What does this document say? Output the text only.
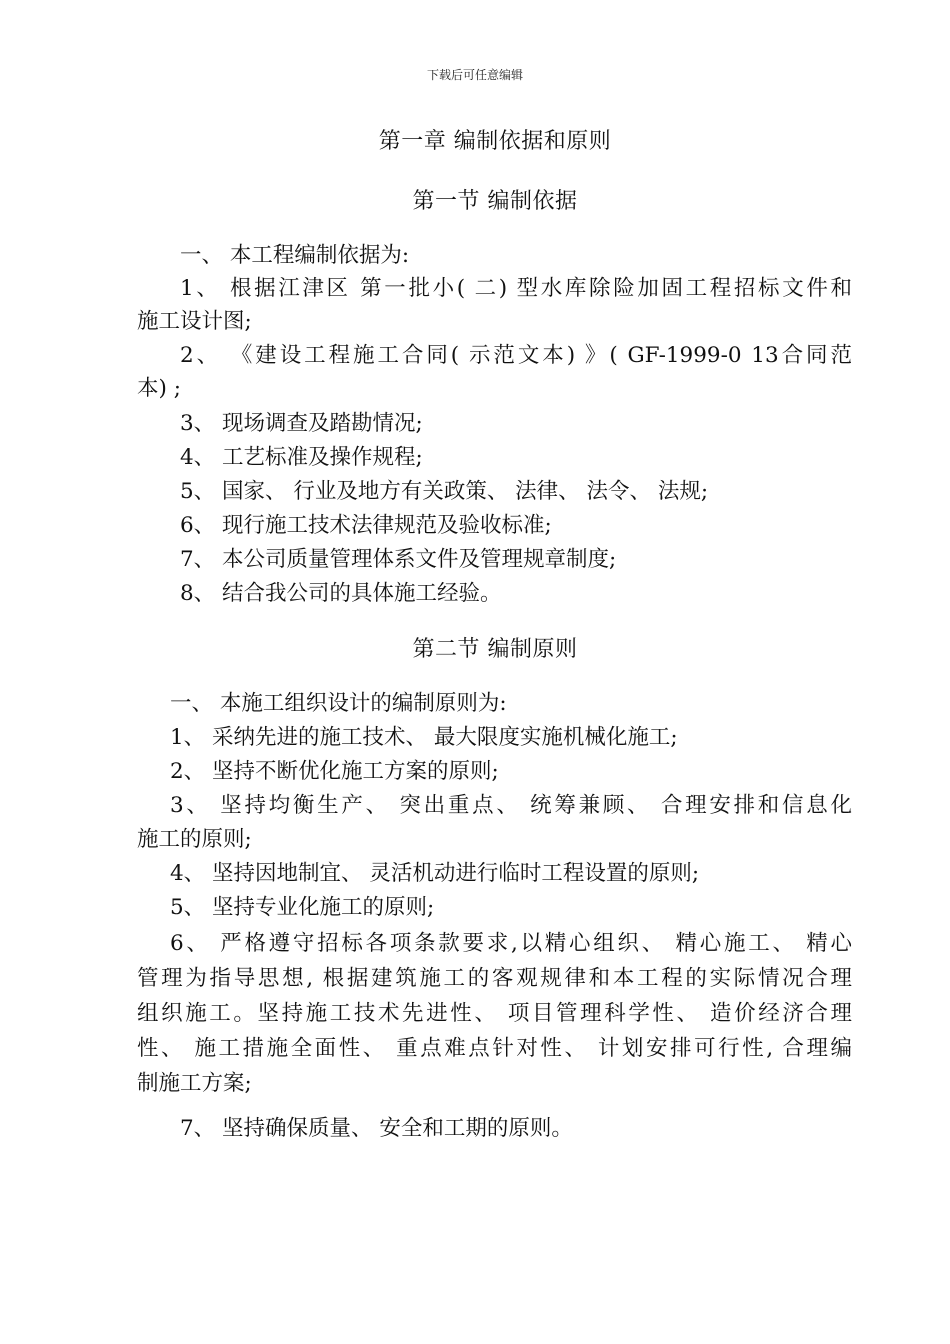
下载后可任意编辑
第一章 编制依据和原则
第一节 编制依据
一、 本工程编制依据为:
1、 根据江津区 第一批小( 二) 型水库除险加固工程招标文件和
施工设计图;
2、 《建设工程施工合同( 示范文本) 》( GF-1999-0 13合同范
本) ;
3、 现场调查及踏勘情况;
4、 工艺标准及操作规程;
5、 国家、 行业及地方有关政策、 法律、 法令、 法规;
6、 现行施工技术法律规范及验收标准;
7、 本公司质量管理体系文件及管理规章制度;
8、 结合我公司的具体施工经验。
第二节 编制原则
一、 本施工组织设计的编制原则为:
1、 采纳先进的施工技术、 最大限度实施机械化施工;
2、 坚持不断优化施工方案的原则;
3、 坚持均衡生产、 突出重点、 统筹兼顾、 合理安排和信息化
施工的原则;
4、 坚持因地制宜、 灵活机动进行临时工程设置的原则;
5、 坚持专业化施工的原则;
6、 严格遵守招标各项条款要求,以精心组织、 精心施工、 精心
管理为指导思想, 根据建筑施工的客观规律和本工程的实际情况合理
组织施工。坚持施工技术先进性、 项目管理科学性、 造价经济合理
性、 施工措施全面性、 重点难点针对性、 计划安排可行性, 合理编
制施工方案;
7、 坚持确保质量、 安全和工期的原则。
